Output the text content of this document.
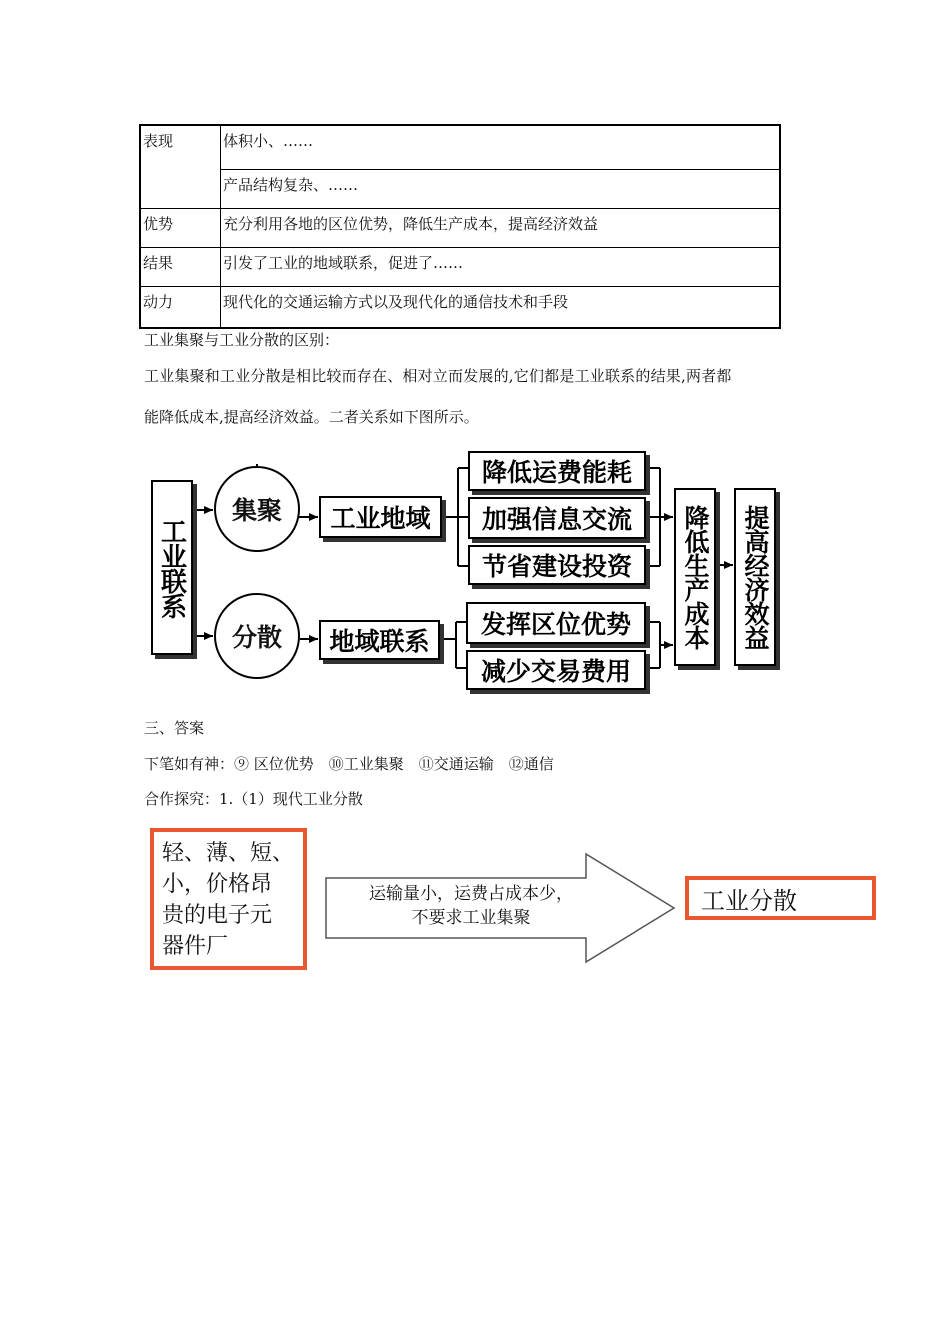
表现	体积小、……
	产品结构复杂、……
优势	充分利用各地的区位优势，降低生产成本，提高经济效益
结果	引发了工业的地域联系，促进了……
动力	现代化的交通运输方式以及现代化的通信技术和手段
工业集聚与工业分散的区别：
工业集聚和工业分散是相比较而存在、相对立而发展的,它们都是工业联系的结果,两者都
能降低成本,提高经济效益。二者关系如下图所示。
工业联系
集聚
分散
工业地域
地域联系
降低运费能耗
加强信息交流
节省建设投资
发挥区位优势
减少交易费用
降低生产成本 提高经济效益
三、答案
下笔如有神：⑨ 区位优势　⑩工业集聚　⑪交通运输　⑫通信
合作探究：1.（1）现代工业分散
轻、薄、短、
小，价格昂
贵的电子元
器件厂
运输量小，运费占成本少，
不要求工业集聚
工业分散
